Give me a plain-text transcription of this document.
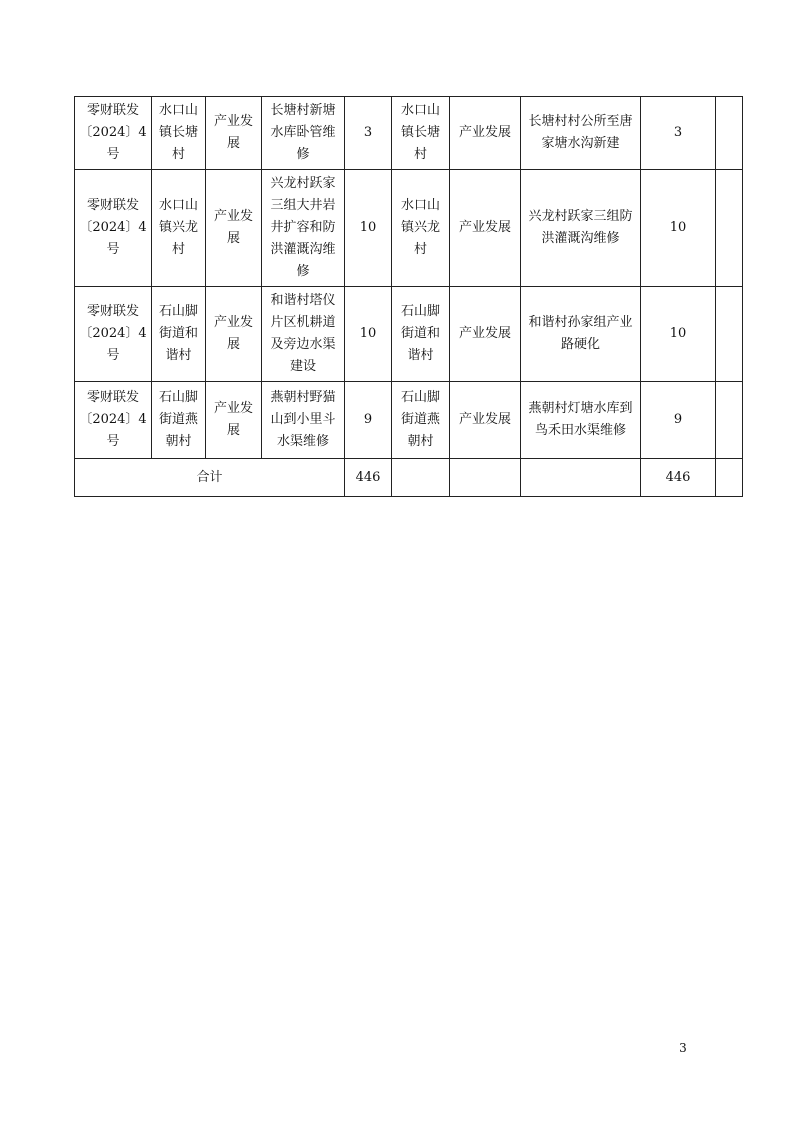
零财联发〔2024〕4号	水口山镇长塘村	产业发展	长塘村新塘水库卧管维修	3	水口山镇长塘村	产业发展	长塘村村公所至唐家塘水沟新建	3	
零财联发〔2024〕4号	水口山镇兴龙村	产业发展	兴龙村跃家三组大井岩井扩容和防洪灌溉沟维修	10	水口山镇兴龙村	产业发展	兴龙村跃家三组防洪灌溉沟维修	10	
零财联发〔2024〕4号	石山脚街道和谐村	产业发展	和谐村塔仪片区机耕道及旁边水渠建设	10	石山脚街道和谐村	产业发展	和谐村孙家组产业路硬化	10	
零财联发〔2024〕4号	石山脚街道燕朝村	产业发展	燕朝村野猫山到小里斗水渠维修	9	石山脚街道燕朝村	产业发展	燕朝村灯塘水库到鸟禾田水渠维修	9	
合计				446				446	
3
